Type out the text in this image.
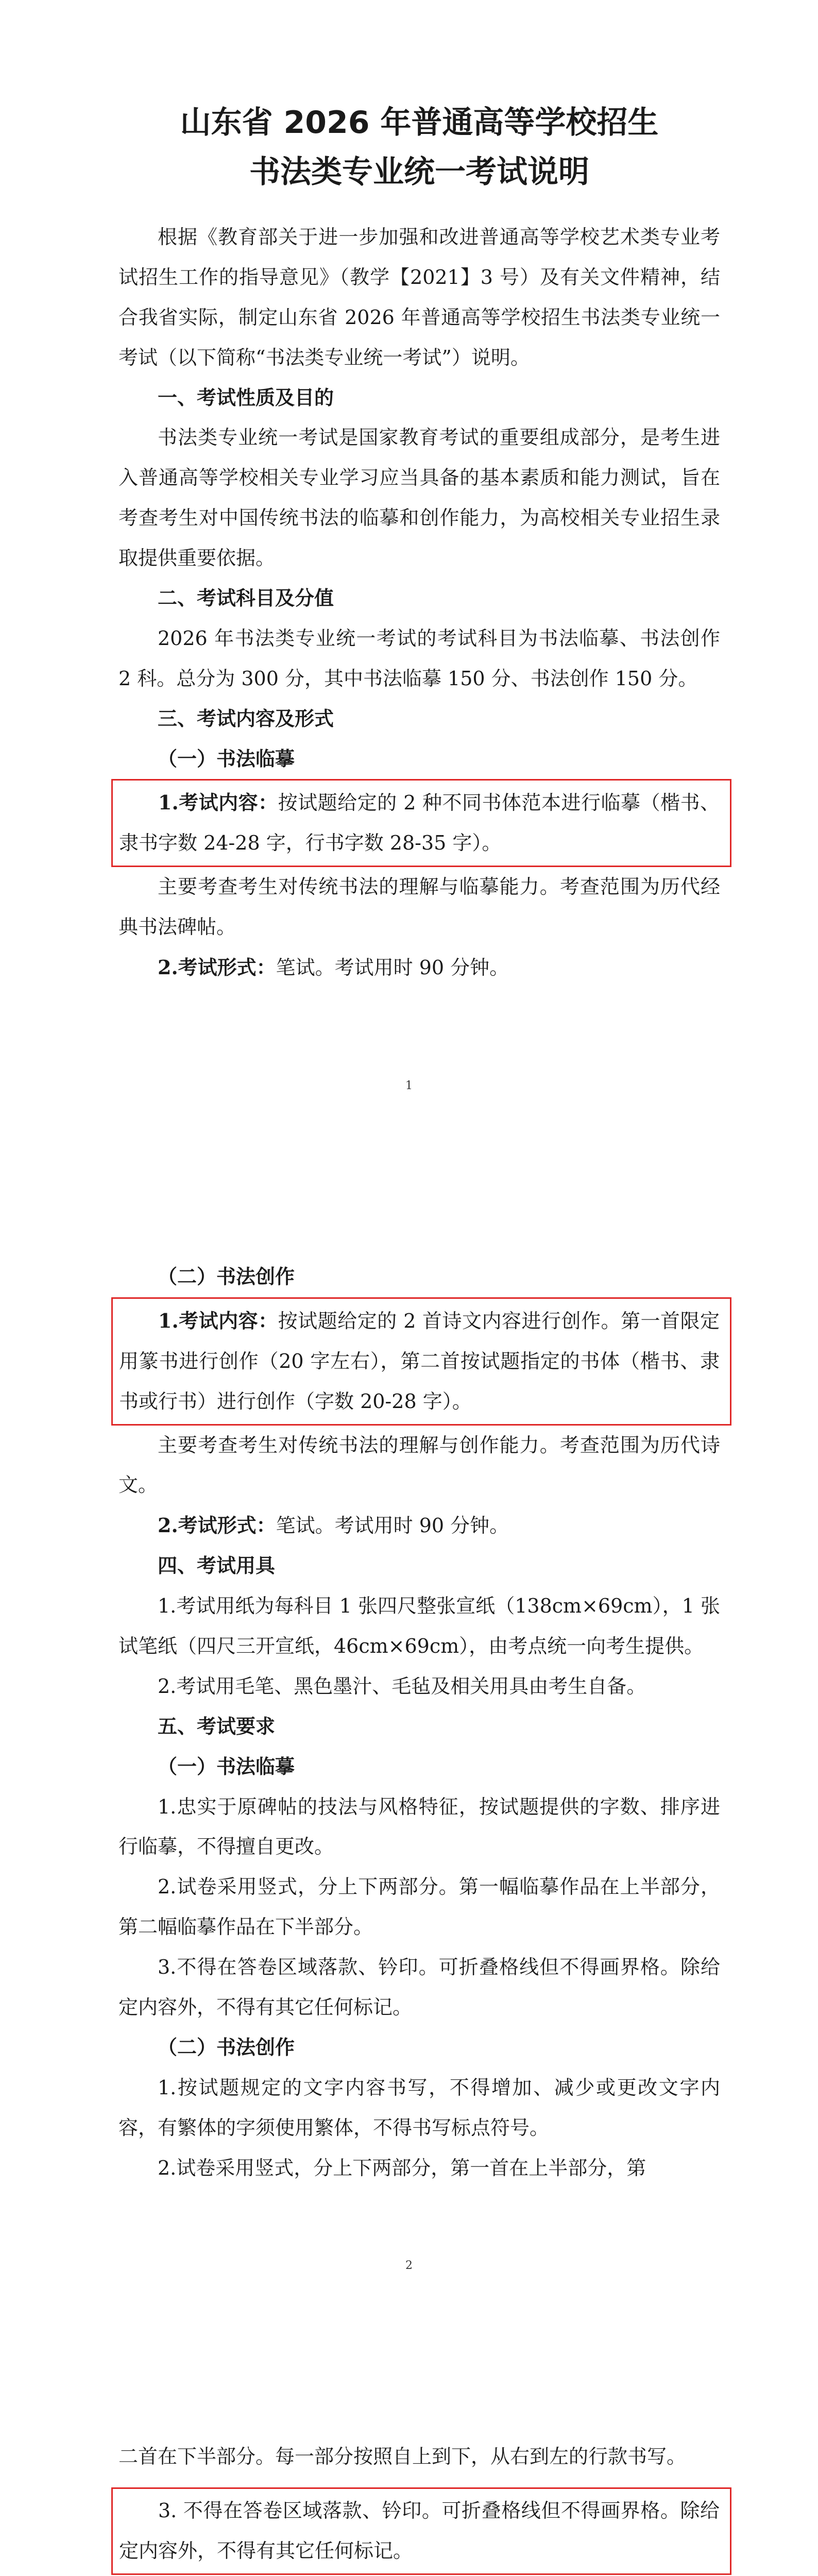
山东省 2026 年普通高等学校招生
书法类专业统一考试说明

根据《教育部关于进一步加强和改进普通高等学校艺术类专业考试招生工作的指导意见》（教学【2021】3 号）及有关文件精神，结合我省实际，制定山东省 2026 年普通高等学校招生书法类专业统一考试（以下简称“书法类专业统一考试”）说明。

一、考试性质及目的

书法类专业统一考试是国家教育考试的重要组成部分，是考生进入普通高等学校相关专业学习应当具备的基本素质和能力测试，旨在考查考生对中国传统书法的临摹和创作能力，为高校相关专业招生录取提供重要依据。

二、考试科目及分值

2026 年书法类专业统一考试的考试科目为书法临摹、书法创作 2 科。总分为 300 分，其中书法临摹 150 分、书法创作 150 分。

三、考试内容及形式

（一）书法临摹

1.考试内容：按试题给定的 2 种不同书体范本进行临摹（楷书、隶书字数 24-28 字，行书字数 28-35 字）。

主要考查考生对传统书法的理解与临摹能力。考查范围为历代经典书法碑帖。

2.考试形式：笔试。考试用时 90 分钟。

1

（二）书法创作

1.考试内容：按试题给定的 2 首诗文内容进行创作。第一首限定用篆书进行创作（20 字左右），第二首按试题指定的书体（楷书、隶书或行书）进行创作（字数 20-28 字）。

主要考查考生对传统书法的理解与创作能力。考查范围为历代诗文。

2.考试形式：笔试。考试用时 90 分钟。

四、考试用具

1.考试用纸为每科目 1 张四尺整张宣纸（138cm×69cm），1 张试笔纸（四尺三开宣纸，46cm×69cm），由考点统一向考生提供。

2.考试用毛笔、黑色墨汁、毛毡及相关用具由考生自备。

五、考试要求

（一）书法临摹

1.忠实于原碑帖的技法与风格特征，按试题提供的字数、排序进行临摹，不得擅自更改。

2.试卷采用竖式，分上下两部分。第一幅临摹作品在上半部分，第二幅临摹作品在下半部分。

3.不得在答卷区域落款、钤印。可折叠格线但不得画界格。除给定内容外，不得有其它任何标记。

（二）书法创作

1.按试题规定的文字内容书写，不得增加、减少或更改文字内容，有繁体的字须使用繁体，不得书写标点符号。

2.试卷采用竖式，分上下两部分，第一首在上半部分，第

2

二首在下半部分。每一部分按照自上到下，从右到左的行款书写。

3. 不得在答卷区域落款、钤印。可折叠格线但不得画界格。除给定内容外，不得有其它任何标记。
